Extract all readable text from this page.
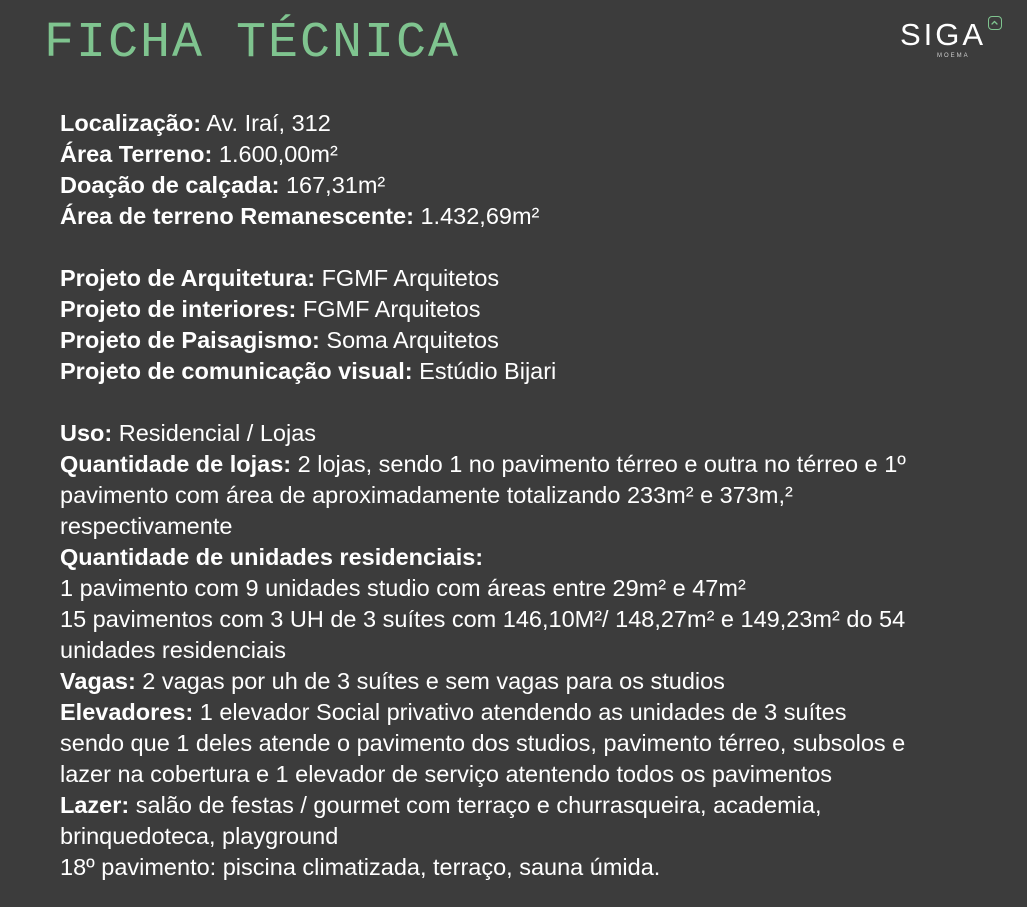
FICHA TÉCNICA	SIGA
MOEMA

Localização: Av. Iraí, 312

Área Terreno: 1.600,00m²

Doação de calçada: 167,31m²

Área de terreno Remanescente: 1.432,69m²

Projeto de Arquitetura: FGMF Arquitetos

Projeto de interiores: FGMF Arquitetos

Projeto de Paisagismo: Soma Arquitetos

Projeto de comunicação visual: Estúdio Bijari

Uso: Residencial / Lojas

Quantidade de lojas: 2 lojas, sendo 1 no pavimento térreo e outra no térreo e 1º

pavimento com área de aproximadamente totalizando 233m² e 373m,²

respectivamente

Quantidade de unidades residenciais:

1 pavimento com 9 unidades studio com áreas entre 29m² e 47m²

15 pavimentos com 3 UH de 3 suítes com 146,10M²/ 148,27m² e 149,23m² do 54

unidades residenciais

Vagas: 2 vagas por uh de 3 suítes e sem vagas para os studios

Elevadores: 1 elevador Social privativo atendendo as unidades de 3 suítes

sendo que 1 deles atende o pavimento dos studios, pavimento térreo, subsolos e

lazer na cobertura e 1 elevador de serviço atentendo todos os pavimentos

Lazer: salão de festas / gourmet com terraço e churrasqueira, academia,

brinquedoteca, playground

18º pavimento: piscina climatizada, terraço, sauna úmida.
